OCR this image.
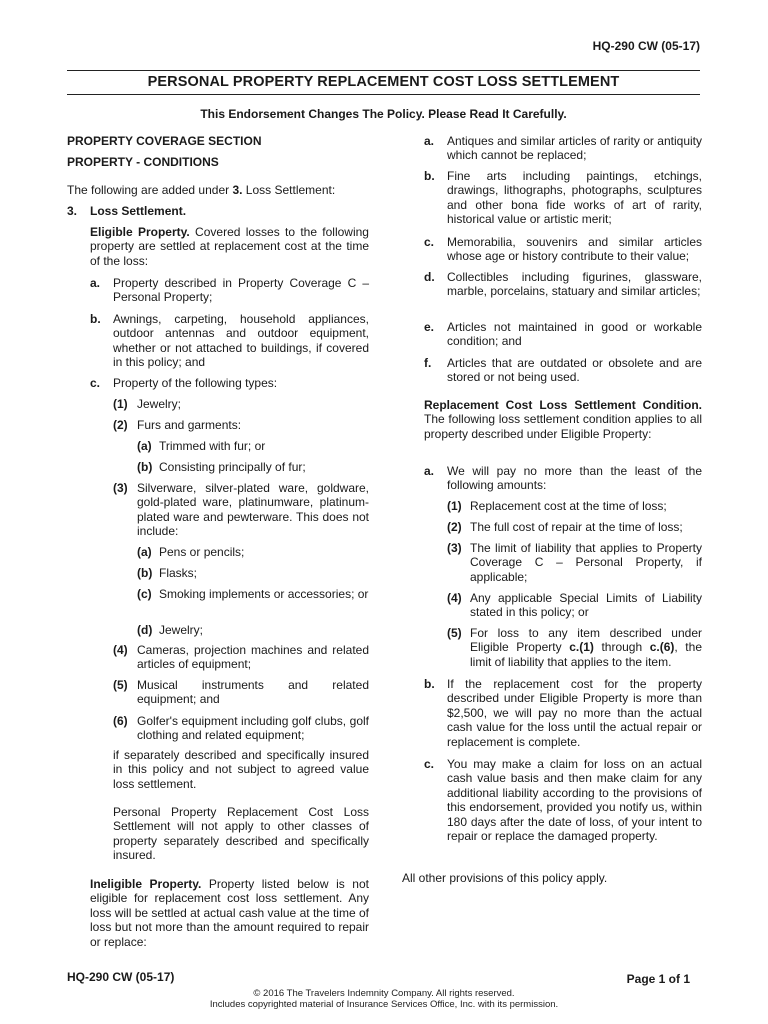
HQ-290 CW (05-17)
PERSONAL PROPERTY REPLACEMENT COST LOSS SETTLEMENT
This Endorsement Changes The Policy. Please Read It Carefully.
PROPERTY COVERAGE SECTION
PROPERTY - CONDITIONS
The following are added under 3. Loss Settlement:
3. Loss Settlement.

Eligible Property. Covered losses to the following property are settled at replacement cost at the time of the loss:

a. Property described in Property Coverage C – Personal Property;

b. Awnings, carpeting, household appliances, outdoor antennas and outdoor equipment, whether or not attached to buildings, if covered in this policy; and

c. Property of the following types:

(1) Jewelry;

(2) Furs and garments:

(a) Trimmed with fur; or

(b) Consisting principally of fur;

(3) Silverware, silver-plated ware, goldware, gold-plated ware, platinumware, platinum-plated ware and pewterware. This does not include:

(a) Pens or pencils;

(b) Flasks;

(c) Smoking implements or accessories; or

(d) Jewelry;

(4) Cameras, projection machines and related articles of equipment;

(5) Musical instruments and related equipment; and

(6) Golfer's equipment including golf clubs, golf clothing and related equipment;

if separately described and specifically insured in this policy and not subject to agreed value loss settlement.

Personal Property Replacement Cost Loss Settlement will not apply to other classes of property separately described and specifically insured.

Ineligible Property. Property listed below is not eligible for replacement cost loss settlement. Any loss will be settled at actual cash value at the time of loss but not more than the amount required to repair or replace:

a. Antiques and similar articles of rarity or antiquity which cannot be replaced;

b. Fine arts including paintings, etchings, drawings, lithographs, photographs, sculptures and other bona fide works of art of rarity, historical value or artistic merit;

c. Memorabilia, souvenirs and similar articles whose age or history contribute to their value;

d. Collectibles including figurines, glassware, marble, porcelains, statuary and similar articles;

e. Articles not maintained in good or workable condition; and

f. Articles that are outdated or obsolete and are stored or not being used.

Replacement Cost Loss Settlement Condition. The following loss settlement condition applies to all property described under Eligible Property:

a. We will pay no more than the least of the following amounts:

(1) Replacement cost at the time of loss;

(2) The full cost of repair at the time of loss;

(3) The limit of liability that applies to Property Coverage C – Personal Property, if applicable;

(4) Any applicable Special Limits of Liability stated in this policy; or

(5) For loss to any item described under Eligible Property c.(1) through c.(6), the limit of liability that applies to the item.

b. If the replacement cost for the property described under Eligible Property is more than $2,500, we will pay no more than the actual cash value for the loss until the actual repair or replacement is complete.

c. You may make a claim for loss on an actual cash value basis and then make claim for any additional liability according to the provisions of this endorsement, provided you notify us, within 180 days after the date of loss, of your intent to repair or replace the damaged property.

All other provisions of this policy apply.

HQ-290 CW (05-17)	Page 1 of 1
© 2016 The Travelers Indemnity Company. All rights reserved.
Includes copyrighted material of Insurance Services Office, Inc. with its permission.
